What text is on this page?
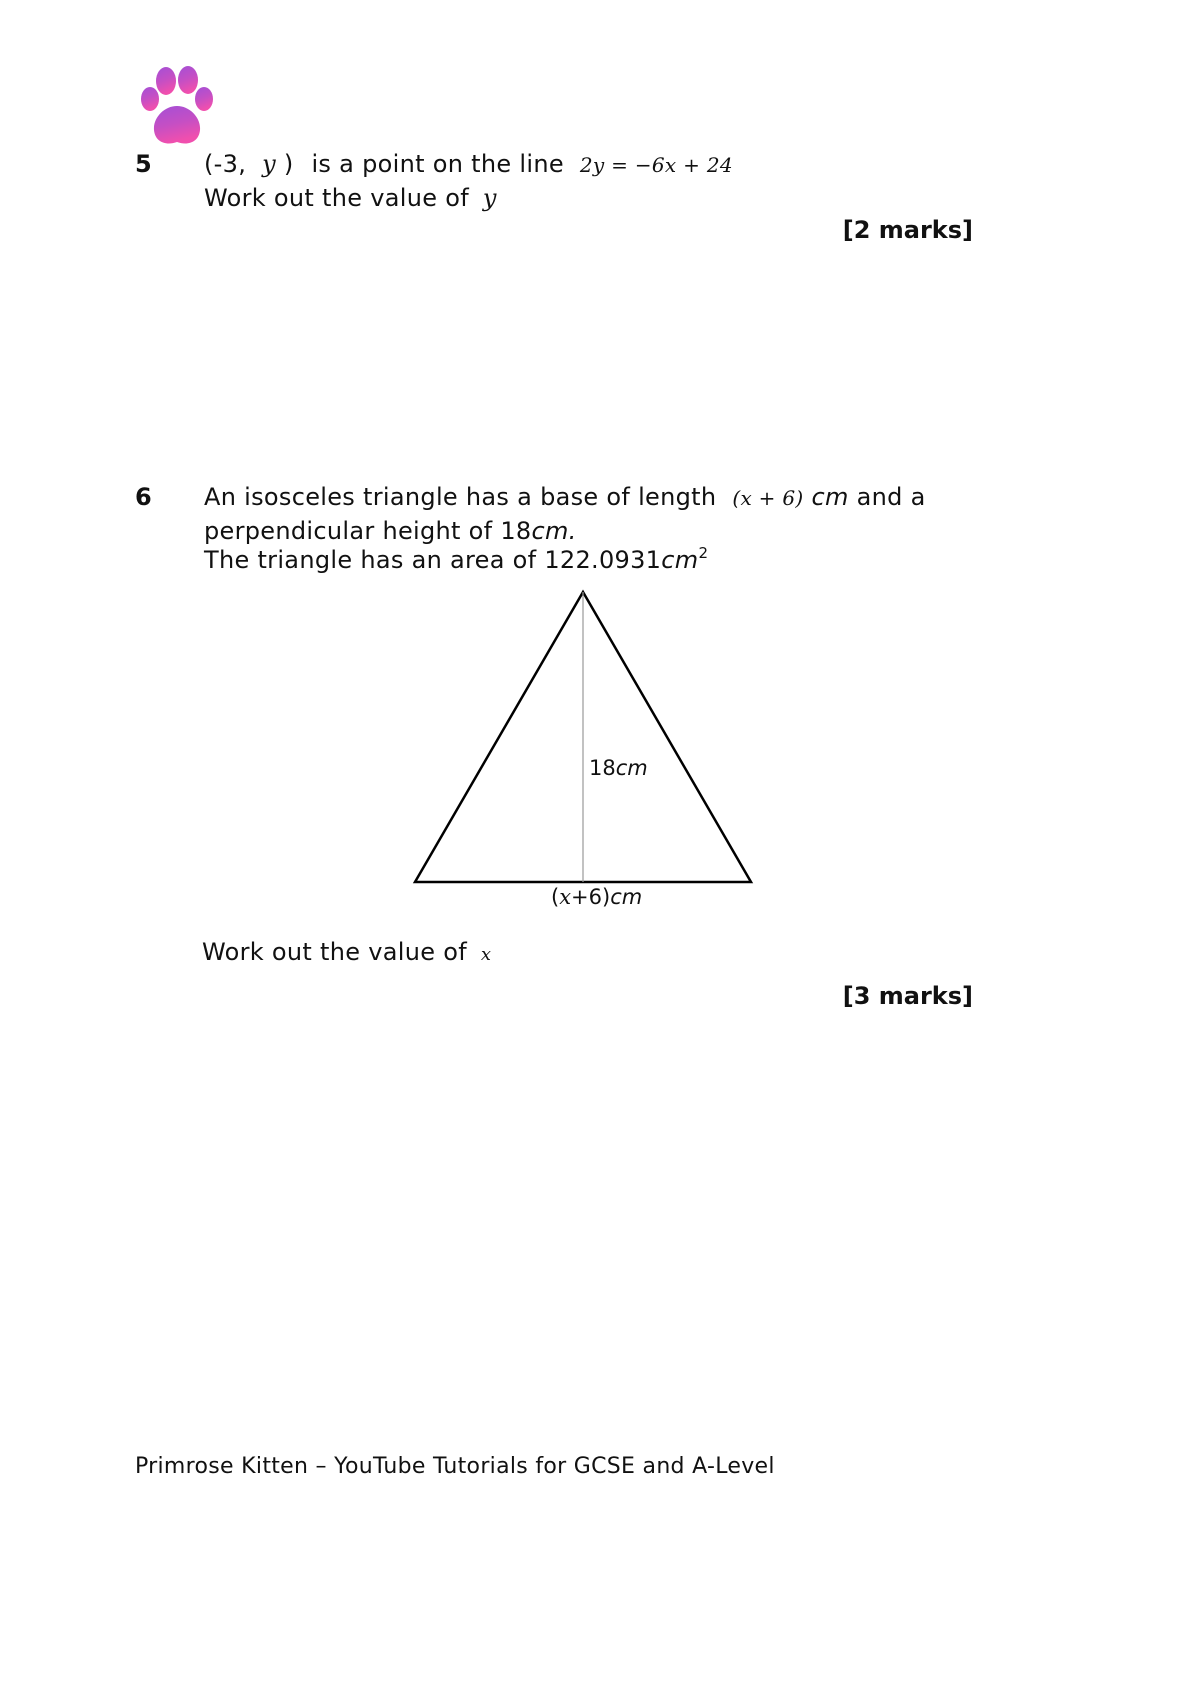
5 (-3, y ) is a point on the line 2y = −6x + 24
Work out the value of y
[2 marks]
6 An isosceles triangle has a base of length (x + 6) cm and a
perpendicular height of 18cm.
The triangle has an area of $122.0931cm^2$
18cm
(x+6)cm
Work out the value of x
[3 marks]
Primrose Kitten – YouTube Tutorials for GCSE and A-Level
